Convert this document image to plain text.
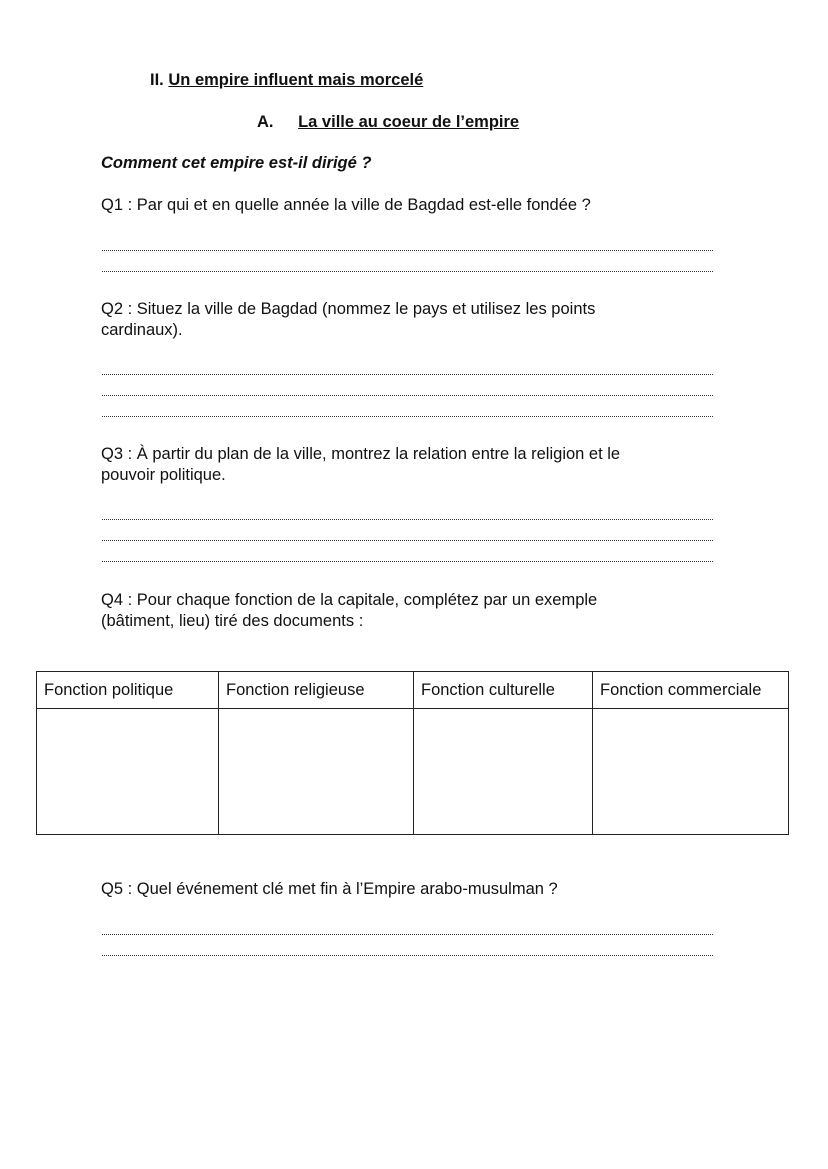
II. Un empire influent mais morcelé
A. La ville au coeur de l’empire
Comment cet empire est-il dirigé ?
Q1 : Par qui et en quelle année la ville de Bagdad est-elle fondée ?
Q2 : Situez la ville de Bagdad (nommez le pays et utilisez les points
cardinaux).
Q3 : À partir du plan de la ville, montrez la relation entre la religion et le
pouvoir politique.
Q4 : Pour chaque fonction de la capitale, complétez par un exemple
(bâtiment, lieu) tiré des documents :
Fonction politique	Fonction religieuse	Fonction culturelle	Fonction commerciale

Q5 : Quel événement clé met fin à l’Empire arabo-musulman ?
